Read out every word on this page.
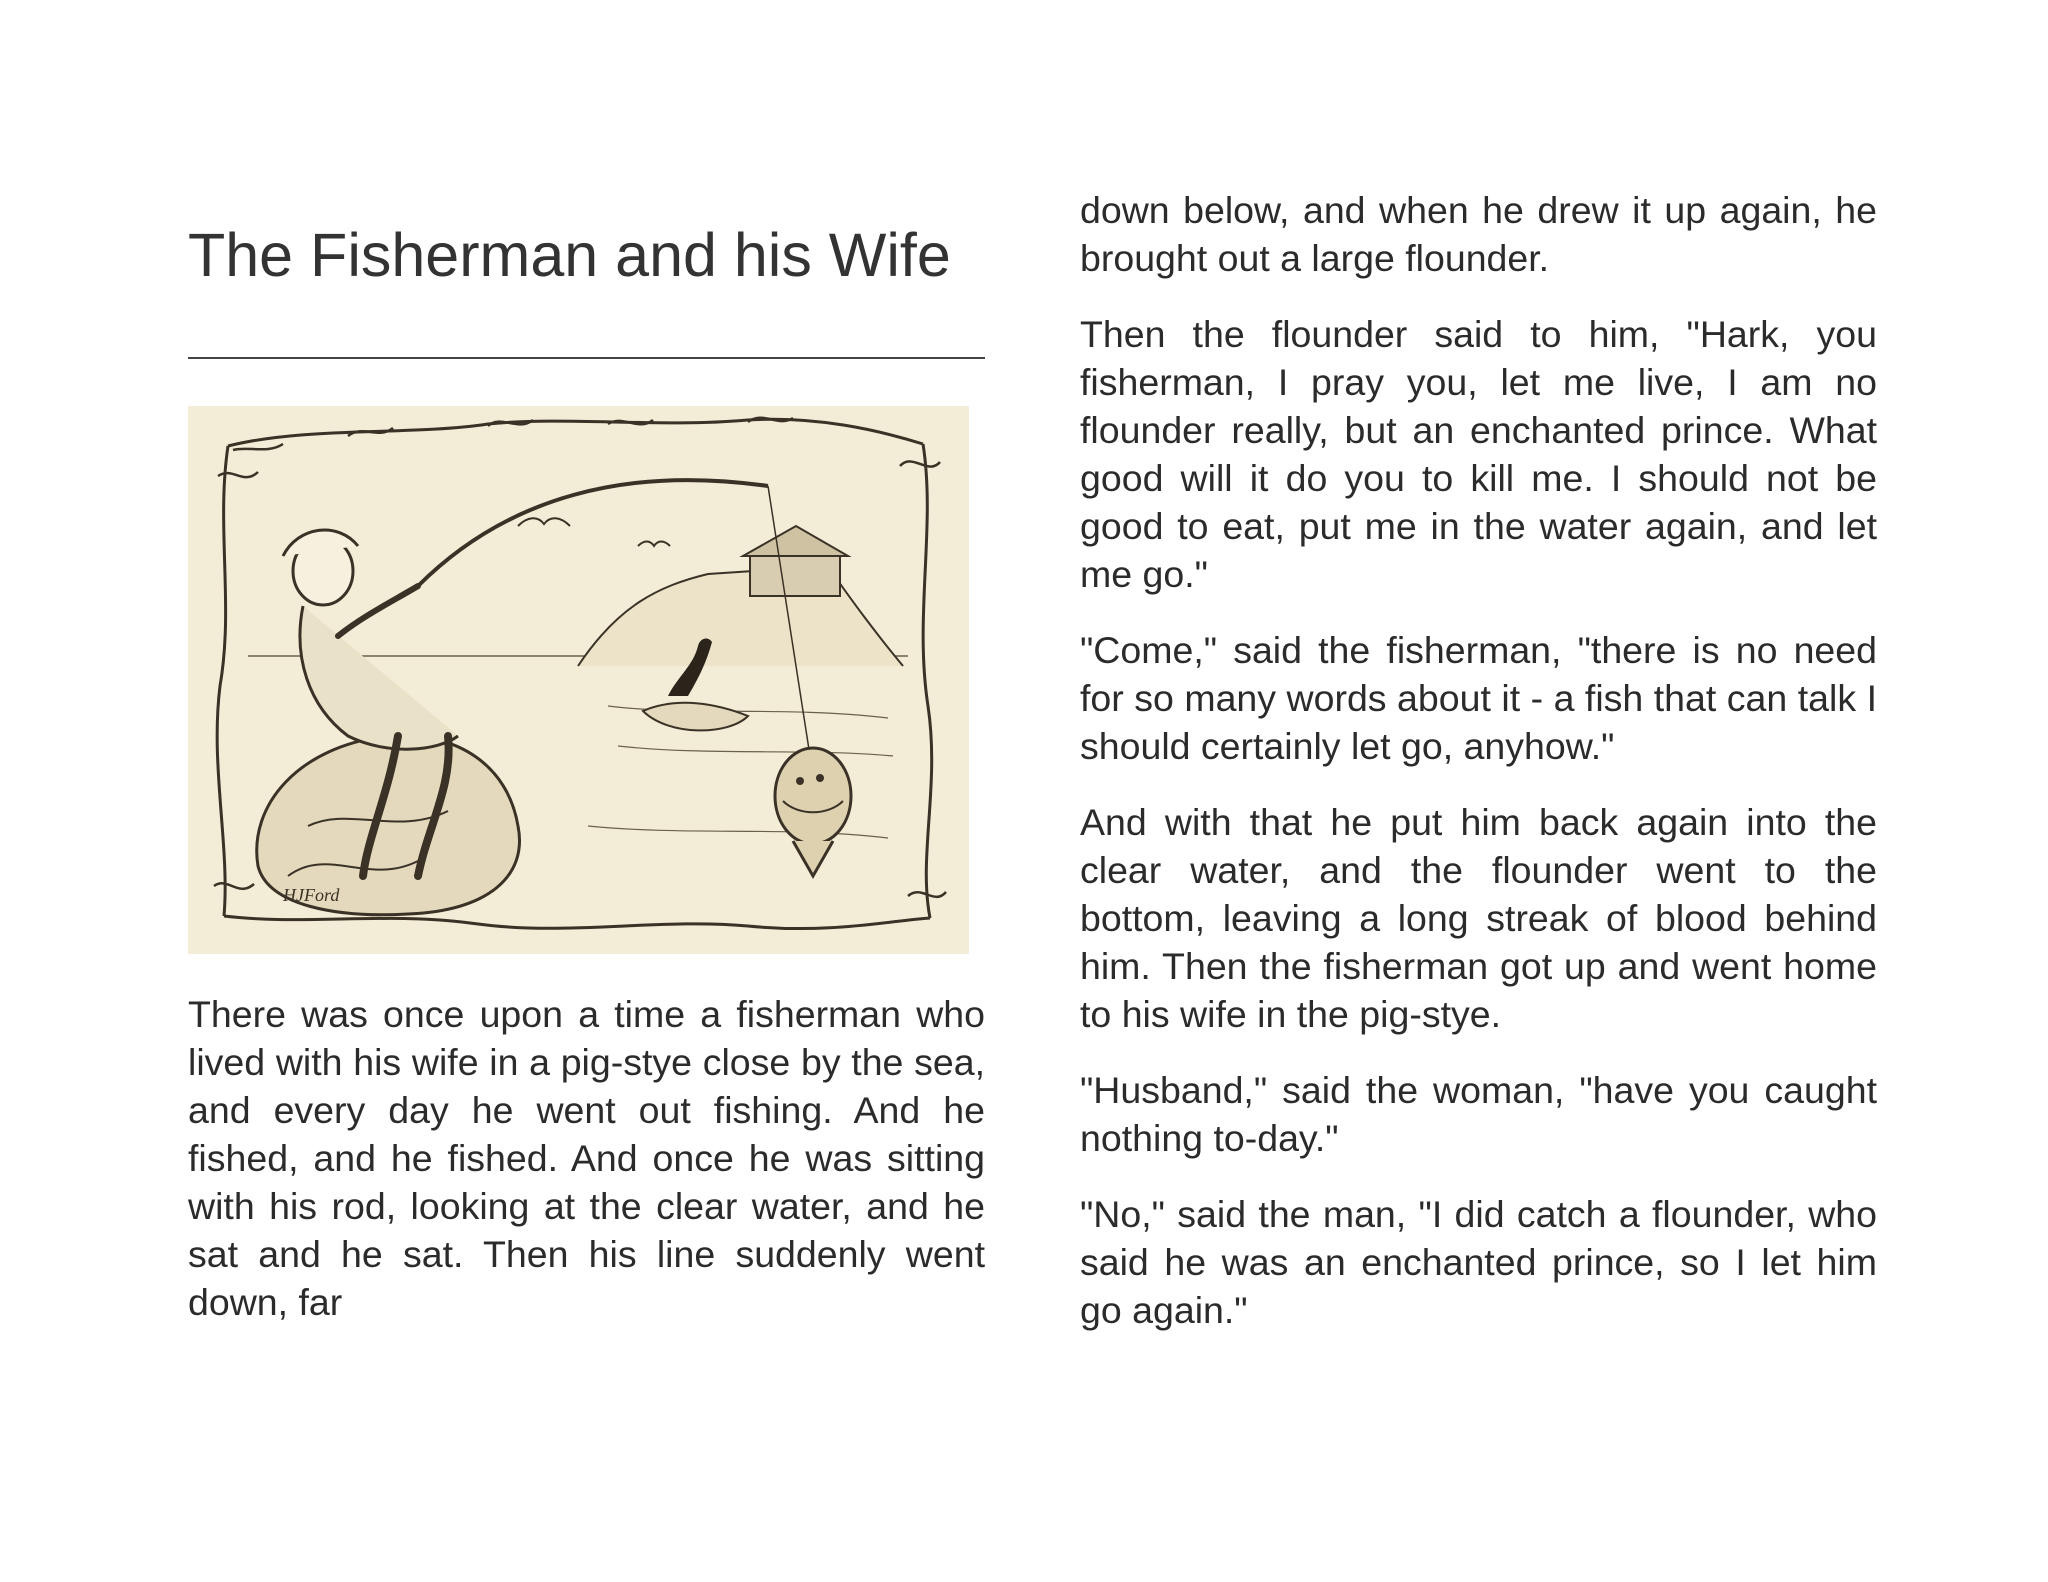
The Fisherman and his Wife
HJFord

There was once upon a time a fisherman who lived with his wife in a pig-stye close by the sea, and every day he went out fishing. And he fished, and he fished. And once he was sitting with his rod, looking at the clear water, and he sat and he sat. Then his line suddenly went down, far

down below, and when he drew it up again, he brought out a large flounder.

Then the flounder said to him, "Hark, you fisherman, I pray you, let me live, I am no flounder really, but an enchanted prince. What good will it do you to kill me. I should not be good to eat, put me in the water again, and let me go."

"Come," said the fisherman, "there is no need for so many words about it - a fish that can talk I should certainly let go, anyhow."

And with that he put him back again into the clear water, and the flounder went to the bottom, leaving a long streak of blood behind him. Then the fisherman got up and went home to his wife in the pig-stye.

"Husband," said the woman, "have you caught nothing to-day."

"No," said the man, "I did catch a flounder, who said he was an enchanted prince, so I let him go again."
